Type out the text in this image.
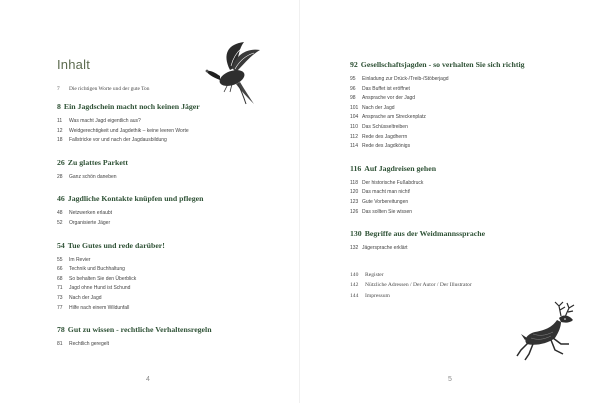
Inhalt
7 Die richtigen Worte und der gute Ton
8 Ein Jagdschein macht noch keinen Jäger
11 Was macht Jagd eigentlich aus?
12 Weidgerechtigkeit und Jagdethik – keine leeren Worte
18 Fallstricke vor und nach der Jagdausbildung
26 Zu glattes Parkett
28 Ganz schön daneben
46 Jagdliche Kontakte knüpfen und pflegen
48 Netzwerken erlaubt
52 Organisierte Jäger
54 Tue Gutes und rede darüber!
55 Im Revier
66 Technik und Buchhaltung
68 So behalten Sie den Überblick
71 Jagd ohne Hund ist Schund
73 Nach der Jagd
77 Hilfe nach einem Wildunfall
78 Gut zu wissen - rechtliche Verhaltensregeln
81 Rechtlich geregelt
4
92 Gesellschaftsjagden - so verhalten Sie sich richtig
95 Einladung zur Drück-/Treib-/Stöberjagd
96 Das Buffet ist eröffnet
98 Ansprache vor der Jagd
101 Nach der Jagd
104 Ansprache am Streckenplatz
110 Das Schüsseltreiben
112 Rede des Jagdherrn
114 Rede des Jagdkönigs
116 Auf Jagdreisen gehen
118 Der historische Fußabdruck
120 Das macht man nicht!
123 Gute Vorbereitungen
126 Das sollten Sie wissen
130 Begriffe aus der Weidmannssprache
132 Jägersprache erklärt
140 Register
142 Nützliche Adressen / Der Autor / Der Illustrator
144 Impressum
5
